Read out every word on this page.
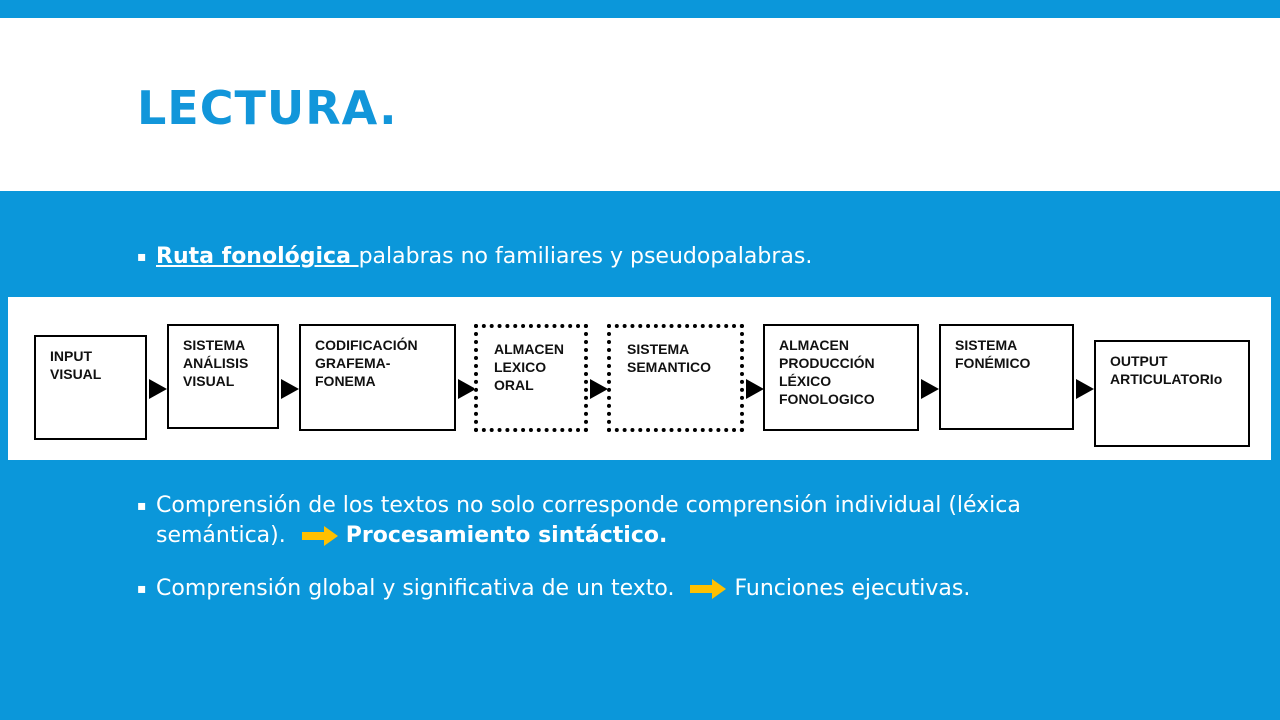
LECTURA.
▪ Ruta fonológica palabras no familiares y pseudopalabras.
INPUT
VISUAL
SISTEMA
ANÁLISIS
VISUAL
CODIFICACIÓN
GRAFEMA-
FONEMA
ALMACEN
LEXICO
ORAL
SISTEMA
SEMANTICO
ALMACEN
PRODUCCIÓN
LÉXICO
FONOLOGICO
SISTEMA
FONÉMICO	OUTPUT
ARTICULATORIo
▪ Comprensión de los textos no solo corresponde comprensión individual (léxica
semántica).	Procesamiento sintáctico.
▪ Comprensión global y significativa de un texto.	Funciones ejecutivas.
